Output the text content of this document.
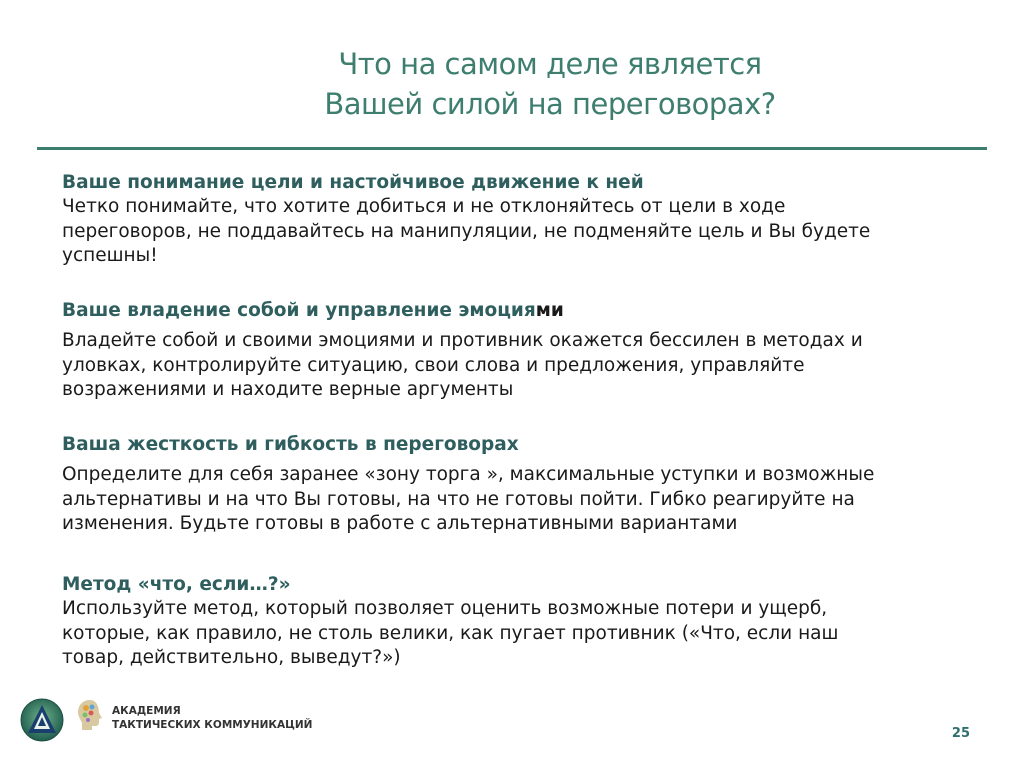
Что на самом деле является
Вашей силой на переговорах?
Ваше понимание цели и настойчивое движение к ней
Четко понимайте, что хотите добиться и не отклоняйтесь от цели в ходе
переговоров, не поддавайтесь на манипуляции, не подменяйте цель и Вы будете
успешны!
Ваше владение собой и управление эмоциями
Владейте собой и своими эмоциями и противник окажется бессилен в методах и
уловках, контролируйте ситуацию, свои слова и предложения, управляйте
возражениями и находите верные аргументы
Ваша жесткость и гибкость в переговорах
Определите для себя заранее «зону торга », максимальные уступки и возможные
альтернативы и на что Вы готовы, на что не готовы пойти. Гибко реагируйте на
изменения. Будьте готовы в работе с альтернативными вариантами
Метод «что, если…?»
Используйте метод, который позволяет оценить возможные потери и ущерб,
которые, как правило, не столь велики, как пугает противник («Что, если наш
товар, действительно, выведут?»)
АКАДЕМИЯ
ТАКТИЧЕСКИХ КОММУНИКАЦИЙ
25
